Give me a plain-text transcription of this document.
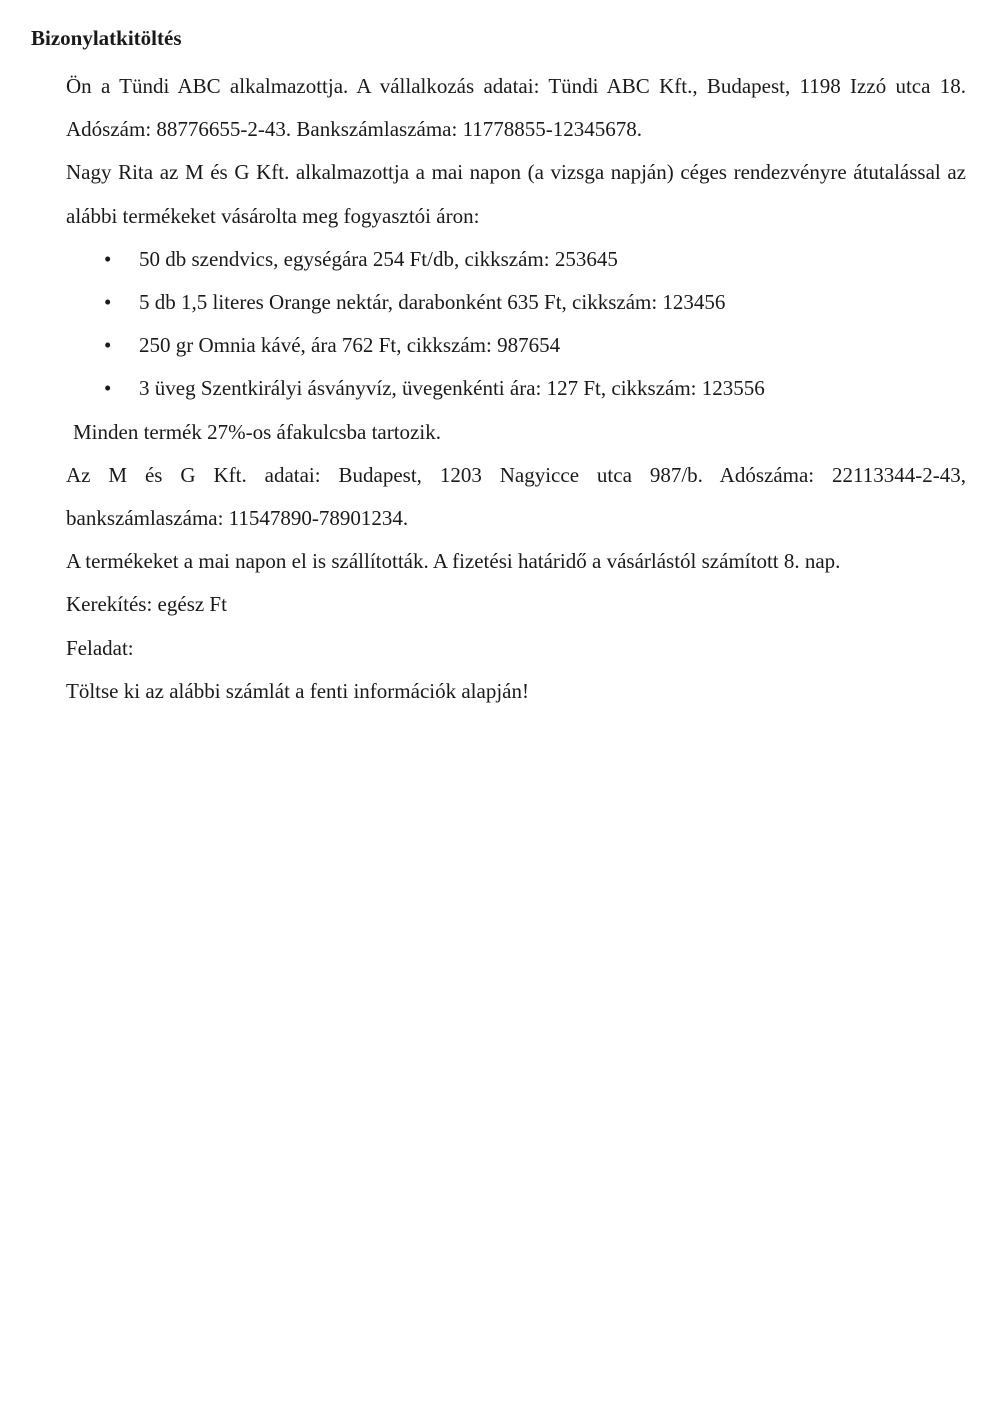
Bizonylatkitöltés

Ön a Tündi ABC alkalmazottja. A vállalkozás adatai: Tündi ABC Kft., Budapest, 1198 Izzó utca 18. Adószám: 88776655-2-43. Bankszámlaszáma: 11778855-12345678.

Nagy Rita az M és G Kft. alkalmazottja a mai napon (a vizsga napján) céges rendezvényre átutalással az alábbi termékeket vásárolta meg fogyasztói áron:

• 50 db szendvics, egységára 254 Ft/db, cikkszám: 253645
• 5 db 1,5 literes Orange nektár, darabonként 635 Ft, cikkszám: 123456
• 250 gr Omnia kávé, ára 762 Ft, cikkszám: 987654
• 3 üveg Szentkirályi ásványvíz, üvegenkénti ára: 127 Ft, cikkszám: 123556

Minden termék 27%-os áfakulcsba tartozik.

Az M és G Kft. adatai: Budapest, 1203 Nagyicce utca 987/b. Adószáma: 22113344-2-43, bankszámlaszáma: 11547890-78901234.

A termékeket a mai napon el is szállították. A fizetési határidő a vásárlástól számított 8. nap.

Kerekítés: egész Ft

Feladat:

Töltse ki az alábbi számlát a fenti információk alapján!
